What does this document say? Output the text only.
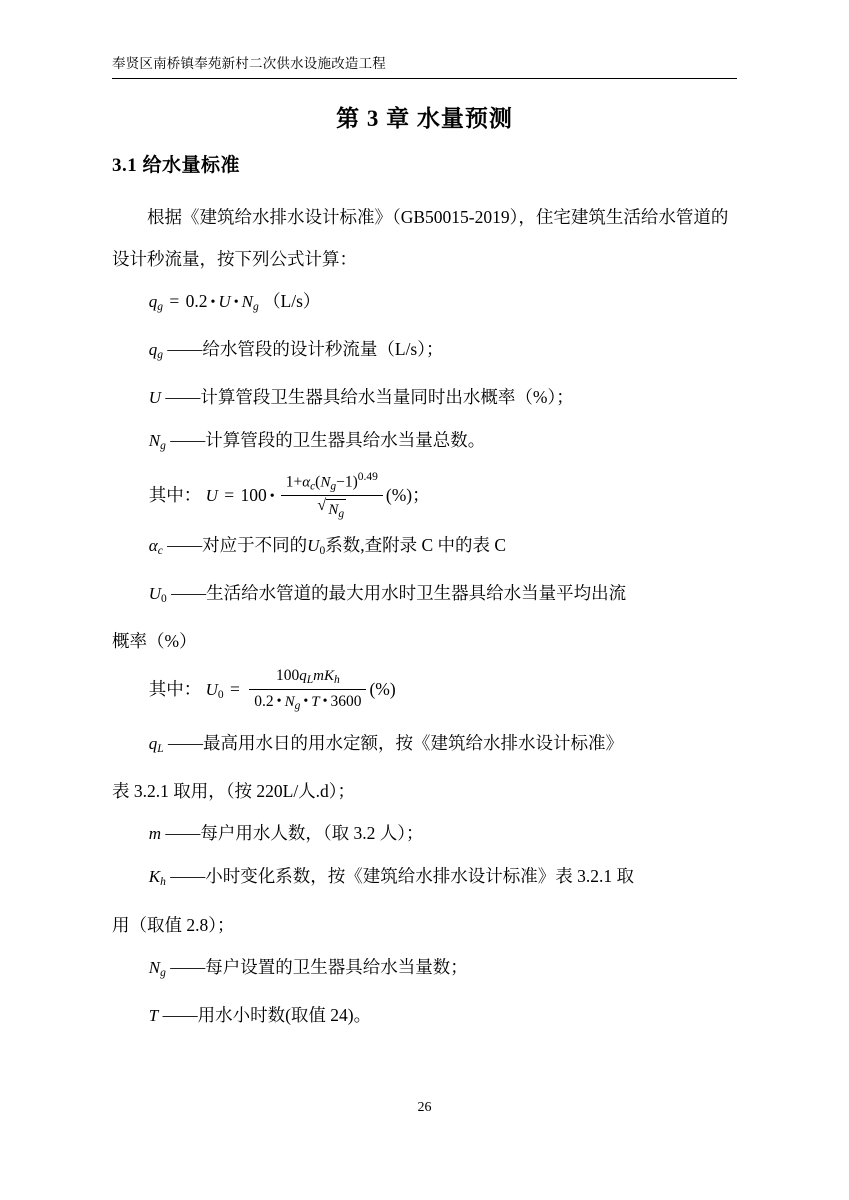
奉贤区南桥镇奉苑新村二次供水设施改造工程
第 3 章 水量预测
3.1 给水量标准

根据《建筑给水排水设计标准》（GB50015-2019），住宅建筑生活给水管道的设计秒流量，按下列公式计算：

$q_g = 0.2$ • U • $N_g$ （L/s）

$q_g$ ——给水管段的设计秒流量（L/s）；

U ——计算管段卫生器具给水当量同时出水概率（%）；

$N_g$ ——计算管段的卫生器具给水当量总数。

其中： U = 100 • $1+\alpha_c(N_g-1)^{0.49}$
√ $N_g$ (%)；

$\alpha_c$ ——对应于不同的U0系数,查附录 C 中的表 C

U0 ——生活给水管道的最大用水时卫生器具给水当量平均出流

概率（%）

其中： $U0 = \frac{100q_LmK_h}{0.2 • N_g • T • 3600}$ (%)

$q_L$ ——最高用水日的用水定额，按《建筑给水排水设计标准》

表 3.2.1 取用，（按 220L/人.d）；

m ——每户用水人数，（取 3.2 人）；

$K_h$ ——小时变化系数，按《建筑给水排水设计标准》表 3.2.1 取

用（取值 2.8）；

$N_g$ ——每户设置的卫生器具给水当量数；

T ——用水小时数(取值 24)。

26
